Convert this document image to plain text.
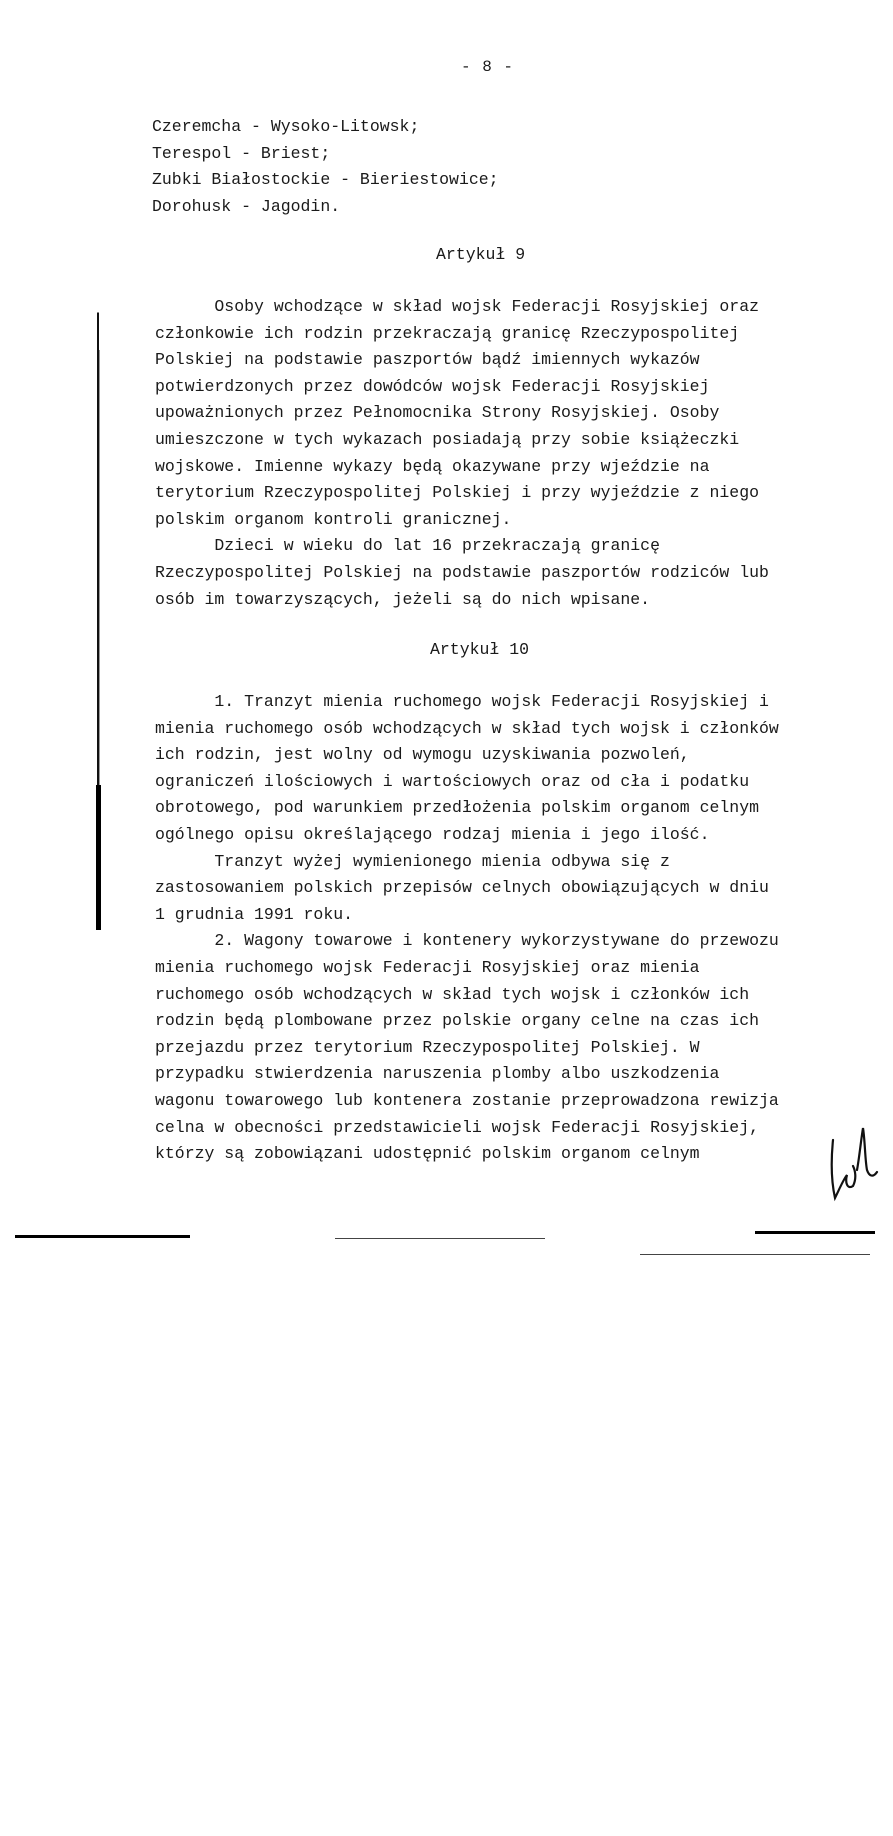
- 8 -
Czeremcha - Wysoko-Litowsk;
Terespol - Briest;
Zubki Białostockie - Bieriestowice;
Dorohusk - Jagodin.
Artykuł 9
Osoby wchodzące w skład wojsk Federacji Rosyjskiej oraz
członkowie ich rodzin przekraczają granicę Rzeczypospolitej
Polskiej na podstawie paszportów bądź imiennych wykazów
potwierdzonych przez dowódców wojsk Federacji Rosyjskiej
upoważnionych przez Pełnomocnika Strony Rosyjskiej. Osoby
umieszczone w tych wykazach posiadają przy sobie książeczki
wojskowe. Imienne wykazy będą okazywane przy wjeździe na
terytorium Rzeczypospolitej Polskiej i przy wyjeździe z niego
polskim organom kontroli granicznej.
Dzieci w wieku do lat 16 przekraczają granicę
Rzeczypospolitej Polskiej na podstawie paszportów rodziców lub
osób im towarzyszących, jeżeli są do nich wpisane.
Artykuł 10
1. Tranzyt mienia ruchomego wojsk Federacji Rosyjskiej i
mienia ruchomego osób wchodzących w skład tych wojsk i członków
ich rodzin, jest wolny od wymogu uzyskiwania pozwoleń,
ograniczeń ilościowych i wartościowych oraz od cła i podatku
obrotowego, pod warunkiem przedłożenia polskim organom celnym
ogólnego opisu określającego rodzaj mienia i jego ilość.
Tranzyt wyżej wymienionego mienia odbywa się z
zastosowaniem polskich przepisów celnych obowiązujących w dniu
1 grudnia 1991 roku.
2. Wagony towarowe i kontenery wykorzystywane do przewozu
mienia ruchomego wojsk Federacji Rosyjskiej oraz mienia
ruchomego osób wchodzących w skład tych wojsk i członków ich
rodzin będą plombowane przez polskie organy celne na czas ich
przejazdu przez terytorium Rzeczypospolitej Polskiej. W
przypadku stwierdzenia naruszenia plomby albo uszkodzenia
wagonu towarowego lub kontenera zostanie przeprowadzona rewizja
celna w obecności przedstawicieli wojsk Federacji Rosyjskiej,
którzy są zobowiązani udostępnić polskim organom celnym
